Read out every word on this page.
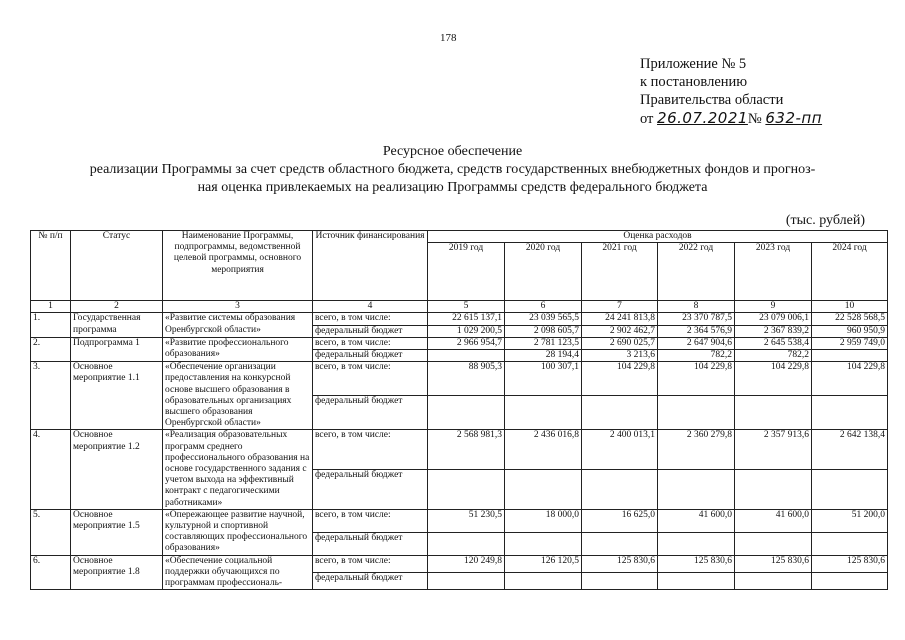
178
Приложение № 5
к постановлению
Правительства области
от 26.07.2021№ 632-пп
Ресурсное обеспечение
реализации Программы за счет средств областного бюджета, средств государственных внебюджетных фондов и прогноз-
ная оценка привлекаемых на реализацию Программы средств федерального бюджета
(тыс. рублей)
№ п/п	Статус	Наименование Программы, подпрограммы, ведомственной целевой программы, основного мероприятия	Источник финансирования	Оценка расходов					
				2019 год	2020 год	2021 год	2022 год	2023 год	2024 год
1	2	3	4	5	6	7	8	9	10
1.	Государственная программа	«Развитие системы образования Оренбургской области»	всего, в том числе:	22 615 137,1	23 039 565,5	24 241 813,8	23 370 787,5	23 079 006,1	22 528 568,5
			федеральный бюджет	1 029 200,5	2 098 605,7	2 902 462,7	2 364 576,9	2 367 839,2	960 950,9
2.	Подпрограмма 1	«Развитие профессионального образования»	всего, в том числе:	2 966 954,7	2 781 123,5	2 690 025,7	2 647 904,6	2 645 538,4	2 959 749,0
			федеральный бюджет		28 194,4	3 213,6	782,2	782,2	
3.	Основное мероприятие 1.1	«Обеспечение организации предоставления на конкурсной основе высшего образования в образовательных организациях высшего образования Оренбургской области»	всего, в том числе:	88 905,3	100 307,1	104 229,8	104 229,8	104 229,8	104 229,8
			федеральный бюджет						
4.	Основное мероприятие 1.2	«Реализация образовательных программ среднего профессионального образования на основе государственного задания с учетом выхода на эффективный контракт с педагогическими работниками»	всего, в том числе:	2 568 981,3	2 436 016,8	2 400 013,1	2 360 279,8	2 357 913,6	2 642 138,4
			федеральный бюджет						
5.	Основное мероприятие 1.5	«Опережающее развитие научной, культурной и спортивной составляющих профессионального образования»	всего, в том числе:	51 230,5	18 000,0	16 625,0	41 600,0	41 600,0	51 200,0
			федеральный бюджет						
6.	Основное мероприятие 1.8	«Обеспечение социальной поддержки обучающихся по программам профессиональ-	всего, в том числе:	120 249,8	126 120,5	125 830,6	125 830,6	125 830,6	125 830,6
			федеральный бюджет						
